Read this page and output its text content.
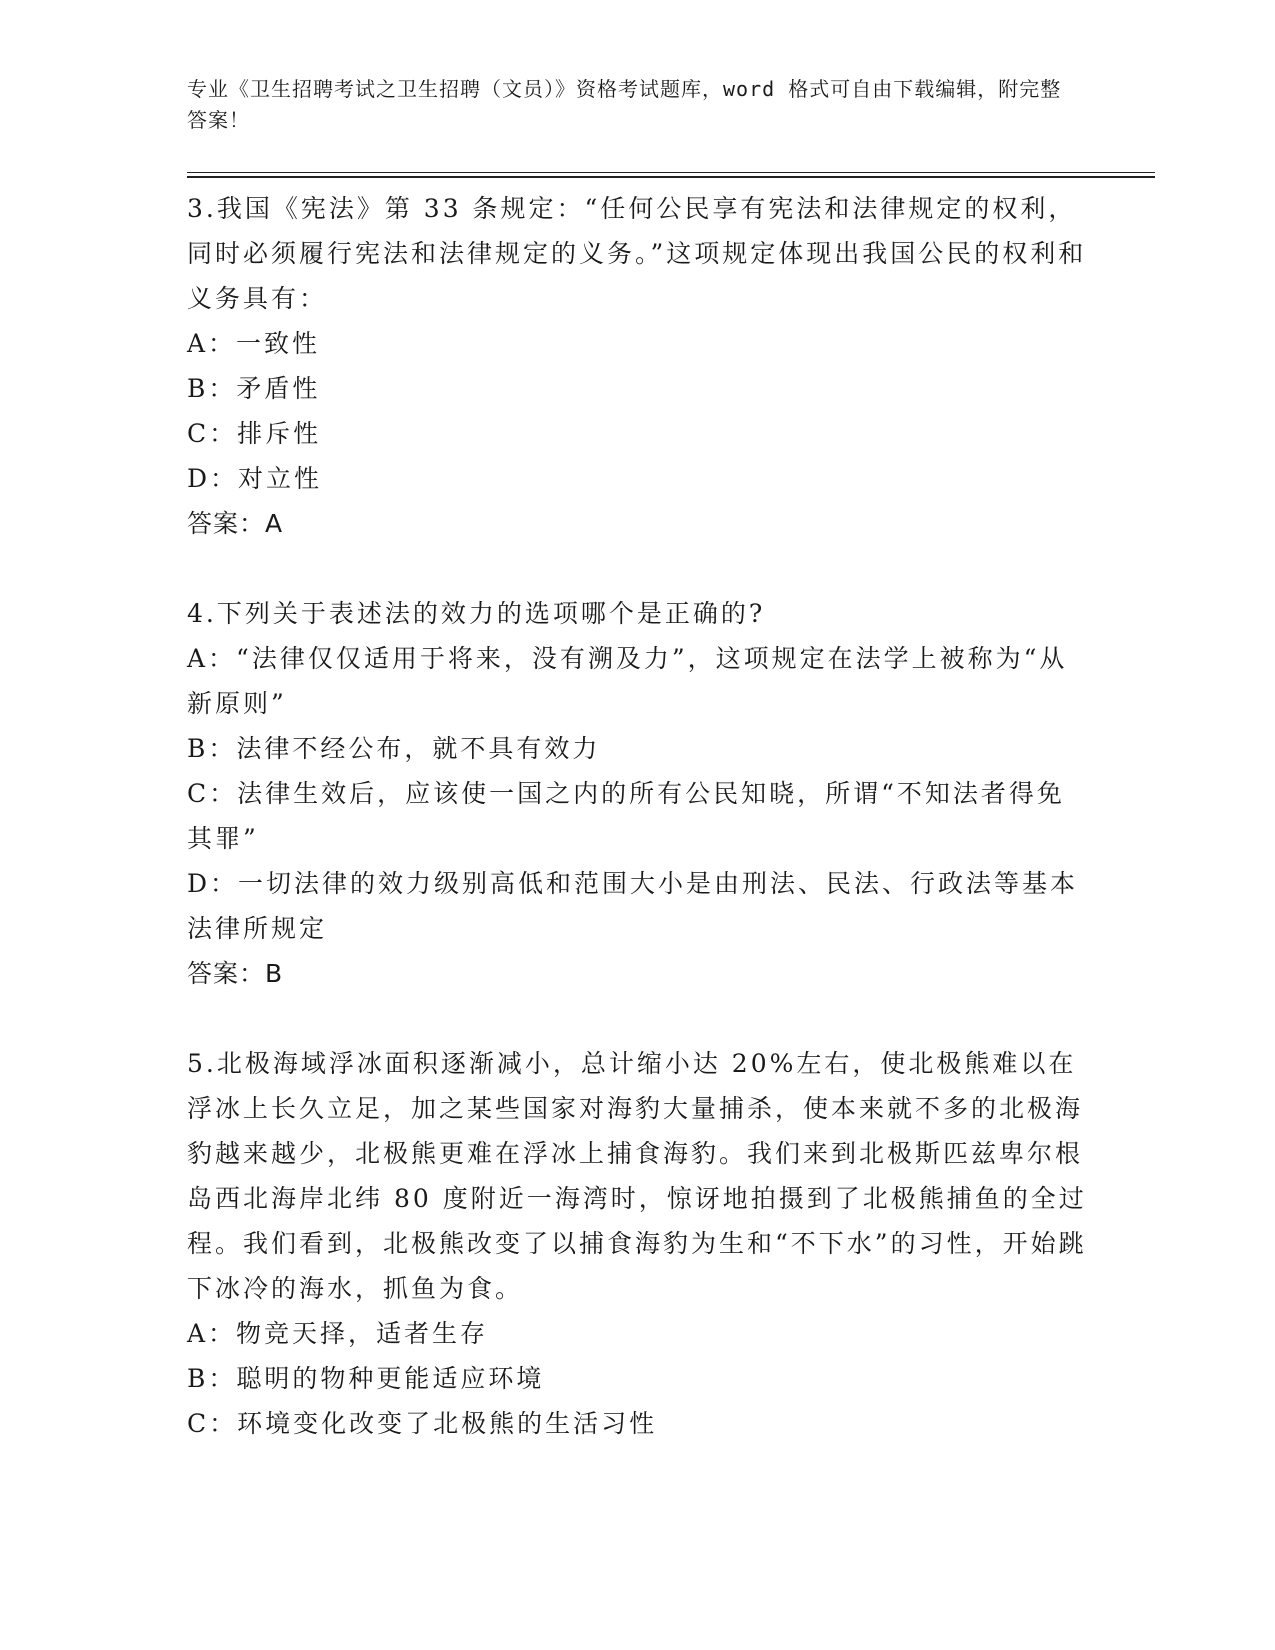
专业《卫生招聘考试之卫生招聘（文员）》资格考试题库，word 格式可自由下载编辑，附完整答案！

3.我国《宪法》第 33 条规定：“任何公民享有宪法和法律规定的权利，同时必须履行宪法和法律规定的义务。”这项规定体现出我国公民的权利和义务具有：

A：一致性

B：矛盾性

C：排斥性

D：对立性

答案：A

4.下列关于表述法的效力的选项哪个是正确的?

A：“法律仅仅适用于将来，没有溯及力”，这项规定在法学上被称为“从新原则”

B：法律不经公布，就不具有效力

C：法律生效后，应该使一国之内的所有公民知晓，所谓“不知法者得免其罪”

D：一切法律的效力级别高低和范围大小是由刑法、民法、行政法等基本法律所规定

答案：B

5.北极海域浮冰面积逐渐减小，总计缩小达 20%左右，使北极熊难以在浮冰上长久立足，加之某些国家对海豹大量捕杀，使本来就不多的北极海豹越来越少，北极熊更难在浮冰上捕食海豹。我们来到北极斯匹兹卑尔根岛西北海岸北纬 80 度附近一海湾时，惊讶地拍摄到了北极熊捕鱼的全过程。我们看到，北极熊改变了以捕食海豹为生和“不下水”的习性，开始跳下冰冷的海水，抓鱼为食。

A：物竞天择，适者生存

B：聪明的物种更能适应环境

C：环境变化改变了北极熊的生活习性
